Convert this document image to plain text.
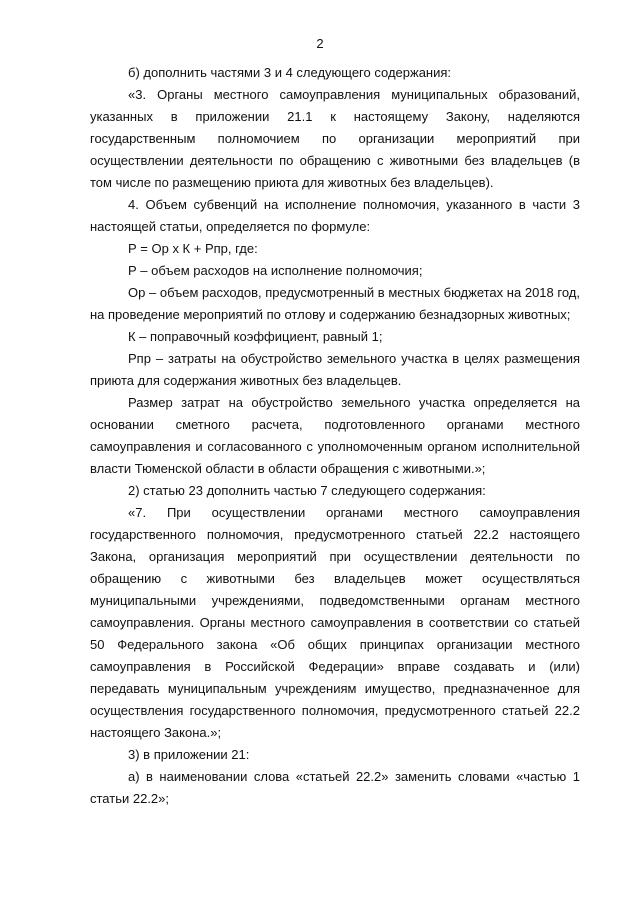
2

б) дополнить частями 3 и 4 следующего содержания:

«3. Органы местного самоуправления муниципальных образований, указанных в приложении 21.1 к настоящему Закону, наделяются государственным полномочием по организации мероприятий при осуществлении деятельности по обращению с животными без владельцев (в том числе по размещению приюта для животных без владельцев).

4. Объем субвенций на исполнение полномочия, указанного в части 3 настоящей статьи, определяется по формуле:

Р = Ор х К + Рпр, где:

Р – объем расходов на исполнение полномочия;

Ор – объем расходов, предусмотренный в местных бюджетах на 2018 год, на проведение мероприятий по отлову и содержанию безнадзорных животных;

К – поправочный коэффициент, равный 1;

Рпр – затраты на обустройство земельного участка в целях размещения приюта для содержания животных без владельцев.

Размер затрат на обустройство земельного участка определяется на основании сметного расчета, подготовленного органами местного самоуправления и согласованного с уполномоченным органом исполнительной власти Тюменской области в области обращения с животными.»;

2) статью 23 дополнить частью 7 следующего содержания:

«7. При осуществлении органами местного самоуправления государственного полномочия, предусмотренного статьей 22.2 настоящего Закона, организация мероприятий при осуществлении деятельности по обращению с животными без владельцев может осуществляться муниципальными учреждениями, подведомственными органам местного самоуправления. Органы местного самоуправления в соответствии со статьей 50 Федерального закона «Об общих принципах организации местного самоуправления в Российской Федерации» вправе создавать и (или) передавать муниципальным учреждениям имущество, предназначенное для осуществления государственного полномочия, предусмотренного статьей 22.2 настоящего Закона.»;

3) в приложении 21:

а) в наименовании слова «статьей 22.2» заменить словами «частью 1 статьи 22.2»;
